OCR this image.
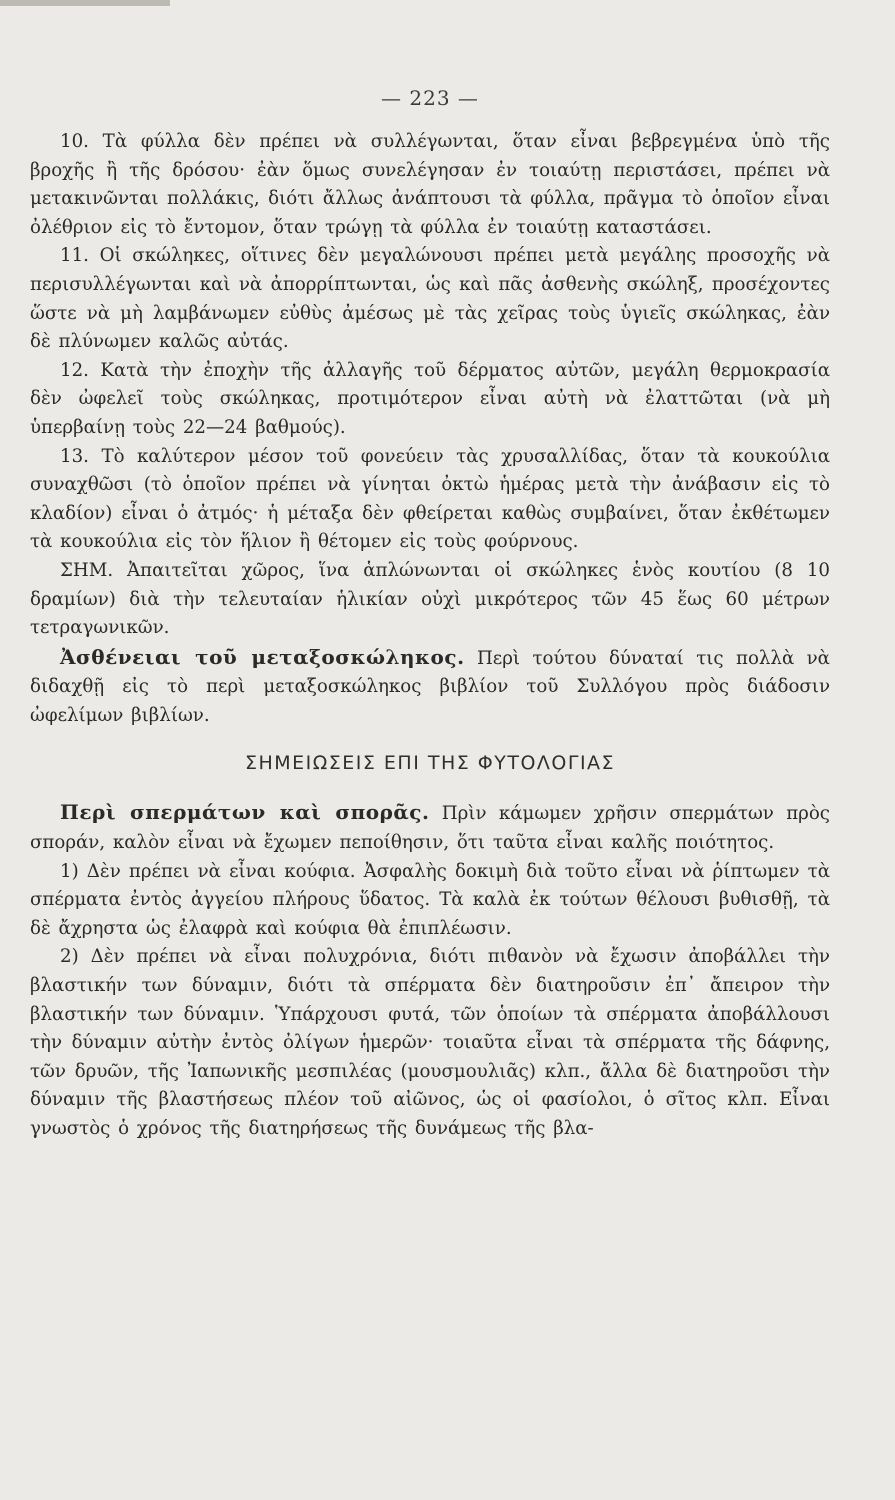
— 223 —

10. Τὰ φύλλα δὲν πρέπει νὰ συλλέγωνται, ὅταν εἶναι βεβρεγμένα ὑπὸ τῆς βροχῆς ἢ τῆς δρόσου· ἐὰν ὅμως συνελέγησαν ἐν τοιαύτῃ περιστάσει, πρέπει νὰ μετακινῶνται πολλάκις, διότι ἄλλως ἀνάπτουσι τὰ φύλλα, πρᾶγμα τὸ ὁποῖον εἶναι ὀλέθριον εἰς τὸ ἔντομον, ὅταν τρώγῃ τὰ φύλλα ἐν τοιαύτῃ καταστάσει.

11. Οἱ σκώληκες, οἵτινες δὲν μεγαλώνουσι πρέπει μετὰ μεγάλης προσοχῆς νὰ περισυλλέγωνται καὶ νὰ ἀπορρίπτωνται, ὡς καὶ πᾶς ἀσθενὴς σκώληξ, προσέχοντες ὥστε νὰ μὴ λαμβάνωμεν εὐθὺς ἀμέσως μὲ τὰς χεῖρας τοὺς ὑγιεῖς σκώληκας, ἐὰν δὲ πλύνωμεν καλῶς αὐτάς.

12. Κατὰ τὴν ἐποχὴν τῆς ἀλλαγῆς τοῦ δέρματος αὐτῶν, μεγάλη θερμοκρασία δὲν ὠφελεῖ τοὺς σκώληκας, προτιμότερον εἶναι αὐτὴ νὰ ἐλαττῶται (νὰ μὴ ὑπερβαίνῃ τοὺς 22—24 βαθμούς).

13. Τὸ καλύτερον μέσον τοῦ φονεύειν τὰς χρυσαλλίδας, ὅταν τὰ κουκούλια συναχθῶσι (τὸ ὁποῖον πρέπει νὰ γίνηται ὀκτὼ ἡμέρας μετὰ τὴν ἀνάβασιν εἰς τὸ κλαδίον) εἶναι ὁ ἀτμός· ἡ μέταξα δὲν φθείρεται καθὼς συμβαίνει, ὅταν ἐκθέτωμεν τὰ κουκούλια εἰς τὸν ἥλιον ἢ θέτομεν εἰς τοὺς φούρνους.

ΣΗΜ. Ἀπαιτεῖται χῶρος, ἵνα ἁπλώνωνται οἱ σκώληκες ἑνὸς κουτίου (8 10 δραμίων) διὰ τὴν τελευταίαν ἡλικίαν οὐχὶ μικρότερος τῶν 45 ἕως 60 μέτρων τετραγωνικῶν.

Ἀσθένειαι τοῦ μεταξοσκώληκος. Περὶ τούτου δύναταί τις πολλὰ νὰ διδαχθῇ εἰς τὸ περὶ μεταξοσκώληκος βιβλίον τοῦ Συλλόγου πρὸς διάδοσιν ὠφελίμων βιβλίων.

ΣΗΜΕΙΩΣΕΙΣ ΕΠΙ ΤΗΣ ΦΥΤΟΛΟΓΙΑΣ

Περὶ σπερμάτων καὶ σπορᾶς. Πρὶν κάμωμεν χρῆσιν σπερμάτων πρὸς σποράν, καλὸν εἶναι νὰ ἔχωμεν πεποίθησιν, ὅτι ταῦτα εἶναι καλῆς ποιότητος.

1) Δὲν πρέπει νὰ εἶναι κούφια. Ἀσφαλὴς δοκιμὴ διὰ τοῦτο εἶναι νὰ ῥίπτωμεν τὰ σπέρματα ἐντὸς ἀγγείου πλήρους ὕδατος. Τὰ καλὰ ἐκ τούτων θέλουσι βυθισθῇ, τὰ δὲ ἄχρηστα ὡς ἐλαφρὰ καὶ κούφια θὰ ἐπιπλέωσιν.

2) Δὲν πρέπει νὰ εἶναι πολυχρόνια, διότι πιθανὸν νὰ ἔχωσιν ἀποβάλλει τὴν βλαστικήν των δύναμιν, διότι τὰ σπέρματα δὲν διατηροῦσιν ἐπ᾽ ἄπειρον τὴν βλαστικήν των δύναμιν. Ὑπάρχουσι φυτά, τῶν ὁποίων τὰ σπέρματα ἀποβάλλουσι τὴν δύναμιν αὐτὴν ἐντὸς ὀλίγων ἡμερῶν· τοιαῦτα εἶναι τὰ σπέρματα τῆς δάφνης, τῶν δρυῶν, τῆς Ἰαπωνικῆς μεσπιλέας (μουσμουλιᾶς) κλπ., ἄλλα δὲ διατηροῦσι τὴν δύναμιν τῆς βλαστήσεως πλέον τοῦ αἰῶνος, ὡς οἱ φασίολοι, ὁ σῖτος κλπ. Εἶναι γνωστὸς ὁ χρόνος τῆς διατηρήσεως τῆς δυνάμεως τῆς βλα-
